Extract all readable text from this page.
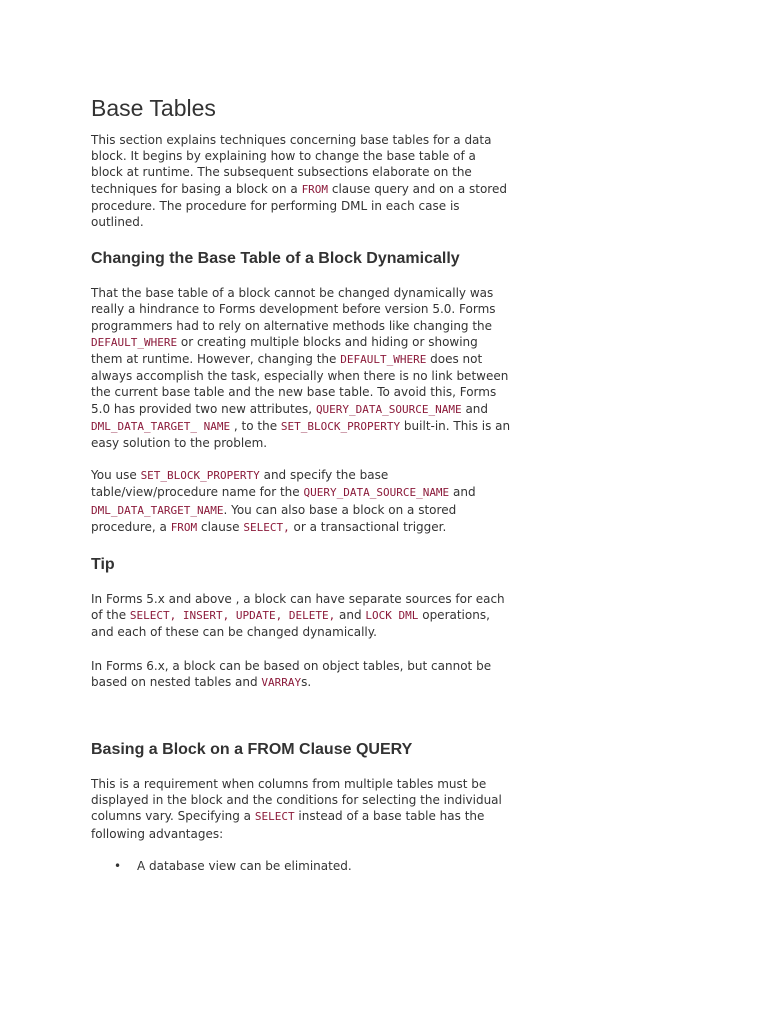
Base Tables

This section explains techniques concerning base tables for a data block. It begins by explaining how to change the base table of a block at runtime. The subsequent subsections elaborate on the techniques for basing a block on a FROM clause query and on a stored procedure. The procedure for performing DML in each case is outlined.

Changing the Base Table of a Block Dynamically

That the base table of a block cannot be changed dynamically was really a hindrance to Forms development before version 5.0. Forms programmers had to rely on alternative methods like changing the DEFAULT_WHERE or creating multiple blocks and hiding or showing them at runtime. However, changing the DEFAULT_WHERE does not always accomplish the task, especially when there is no link between the current base table and the new base table. To avoid this, Forms 5.0 has provided two new attributes, QUERY_DATA_SOURCE_NAME and DML_DATA_TARGET_ NAME , to the SET_BLOCK_PROPERTY built-in. This is an easy solution to the problem.

You use SET_BLOCK_PROPERTY and specify the base table/view/procedure name for the QUERY_DATA_SOURCE_NAME and DML_DATA_TARGET_NAME. You can also base a block on a stored procedure, a FROM clause SELECT, or a transactional trigger.

Tip

In Forms 5.x and above , a block can have separate sources for each of the SELECT, INSERT, UPDATE, DELETE, and LOCK DML operations, and each of these can be changed dynamically.

In Forms 6.x, a block can be based on object tables, but cannot be based on nested tables and VARRAYs.

Basing a Block on a FROM Clause QUERY

This is a requirement when columns from multiple tables must be displayed in the block and the conditions for selecting the individual columns vary. Specifying a SELECT instead of a base table has the following advantages:

• A database view can be eliminated.
